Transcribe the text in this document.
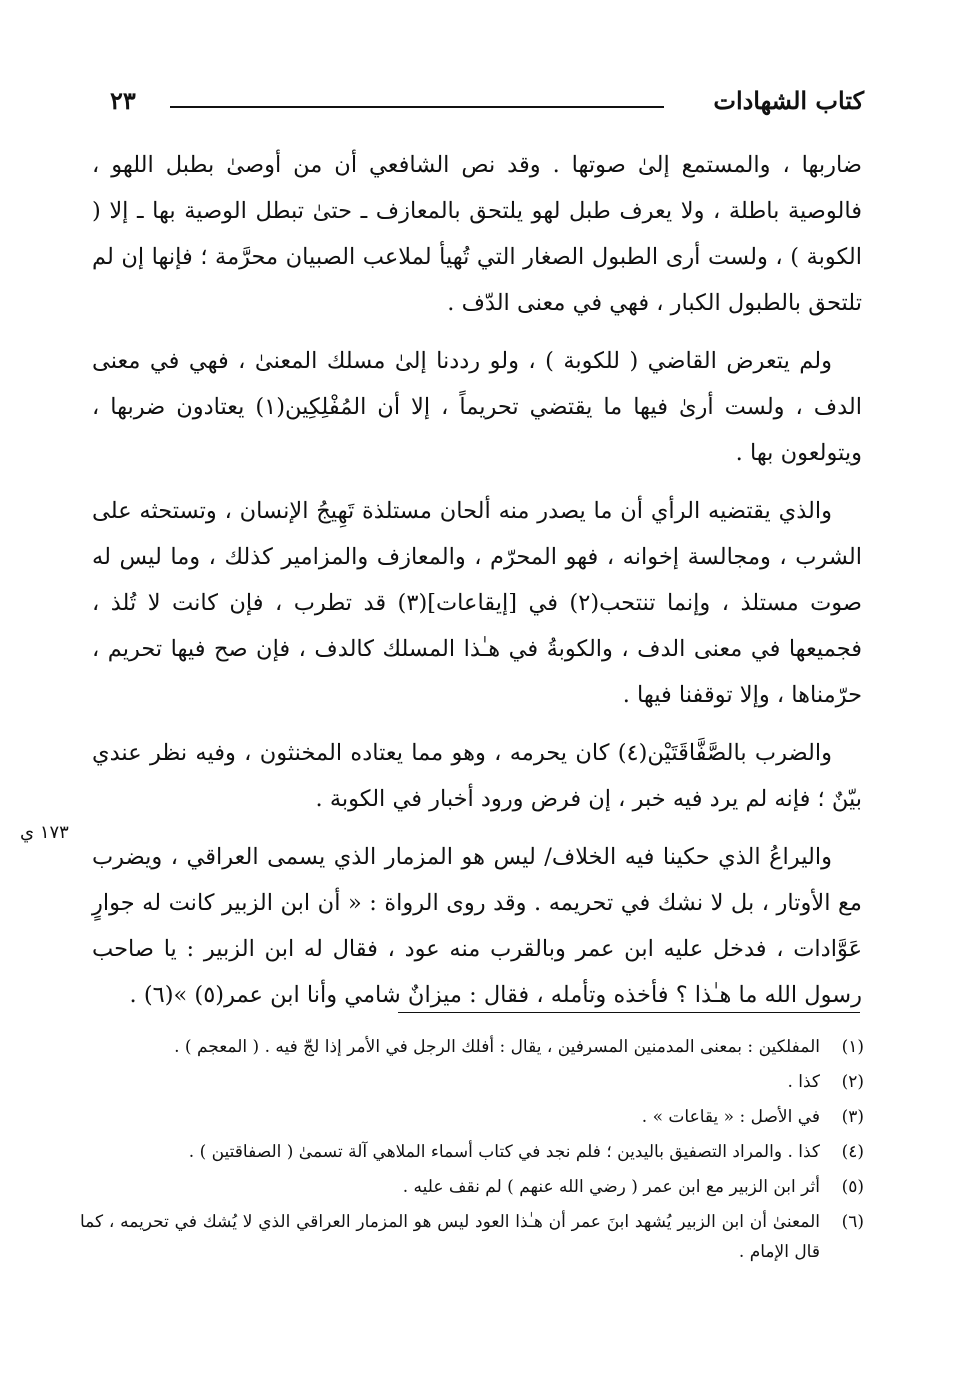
كتاب الشهادات
٢٣

ضاربها ، والمستمع إلىٰ صوتها . وقد نص الشافعي أن من أوصىٰ بطبل اللهو ، فالوصية باطلة ، ولا يعرف طبل لهو يلتحق بالمعازف ـ حتىٰ تبطل الوصية بها ـ إلا ( الكوبة ) ، ولست أرى الطبول الصغار التي تُهيأ لملاعب الصبيان محرَّمة ؛ فإنها إن لم تلتحق بالطبول الكبار ، فهي في معنى الدّف .

ولم يتعرض القاضي ( للكوبة ) ، ولو رددنا إلىٰ مسلك المعنىٰ ، فهي في معنى الدف ، ولست أرىٰ فيها ما يقتضي تحريماً ، إلا أن المُفْلِكِين(١) يعتادون ضربها ، ويتولعون بها .

والذي يقتضيه الرأي أن ما يصدر منه ألحان مستلذة تَهِيجُ الإنسان ، وتستحثه على الشرب ، ومجالسة إخوانه ، فهو المحرّم ، والمعازف والمزامير كذلك ، وما ليس له صوت مستلذ ، وإنما تنتحب(٢) في [إيقاعات](٣) قد تطرب ، فإن كانت لا تُلذ ، فجميعها في معنى الدف ، والكوبةُ في هـٰذا المسلك كالدف ، فإن صح فيها تحريم ، حرّمناها ، وإلا توقفنا فيها .

والضرب بالصَّفَّاقَتَيْن(٤) كان يحرمه ، وهو مما يعتاده المخنثون ، وفيه نظر عندي بيّنٌ ؛ فإنه لم يرد فيه خبر ، إن فرض ورود أخبار في الكوبة .

واليراعُ الذي حكينا فيه الخلاف/ ليس هو المزمار الذي يسمى العراقي ، ويضرب مع الأوتار ، بل لا نشك في تحريمه . وقد روى الرواة : « أن ابن الزبير كانت له جوارٍ عَوَّادات ، فدخل عليه ابن عمر وبالقرب منه عود ، فقال له ابن الزبير : يا صاحب رسول الله ما هـٰذا ؟ فأخذه وتأمله ، فقال : ميزانٌ شامي وأنا ابن عمر(٥) »(٦) .

١٧٣ ي
(١)
المفلكين : بمعنى المدمنين المسرفين ، يقال : أفلك الرجل في الأمر إذا لجّ فيه . ( المعجم ) .
(٢)
كذا .
(٣)
في الأصل : « يقاعات » .
(٤)
كذا . والمراد التصفيق باليدين ؛ فلم نجد في كتاب أسماء الملاهي آلة تسمىٰ ( الصفاقتين ) .
(٥)
أثر ابن الزبير مع ابن عمر ( رضي الله عنهم ) لم نقف عليه .
(٦)
المعنىٰ أن ابن الزبير يُشهد ابنَ عمر أن هـٰذا العود ليس هو المزمار العراقي الذي لا يُشك في تحريمه ، كما قال الإمام .
